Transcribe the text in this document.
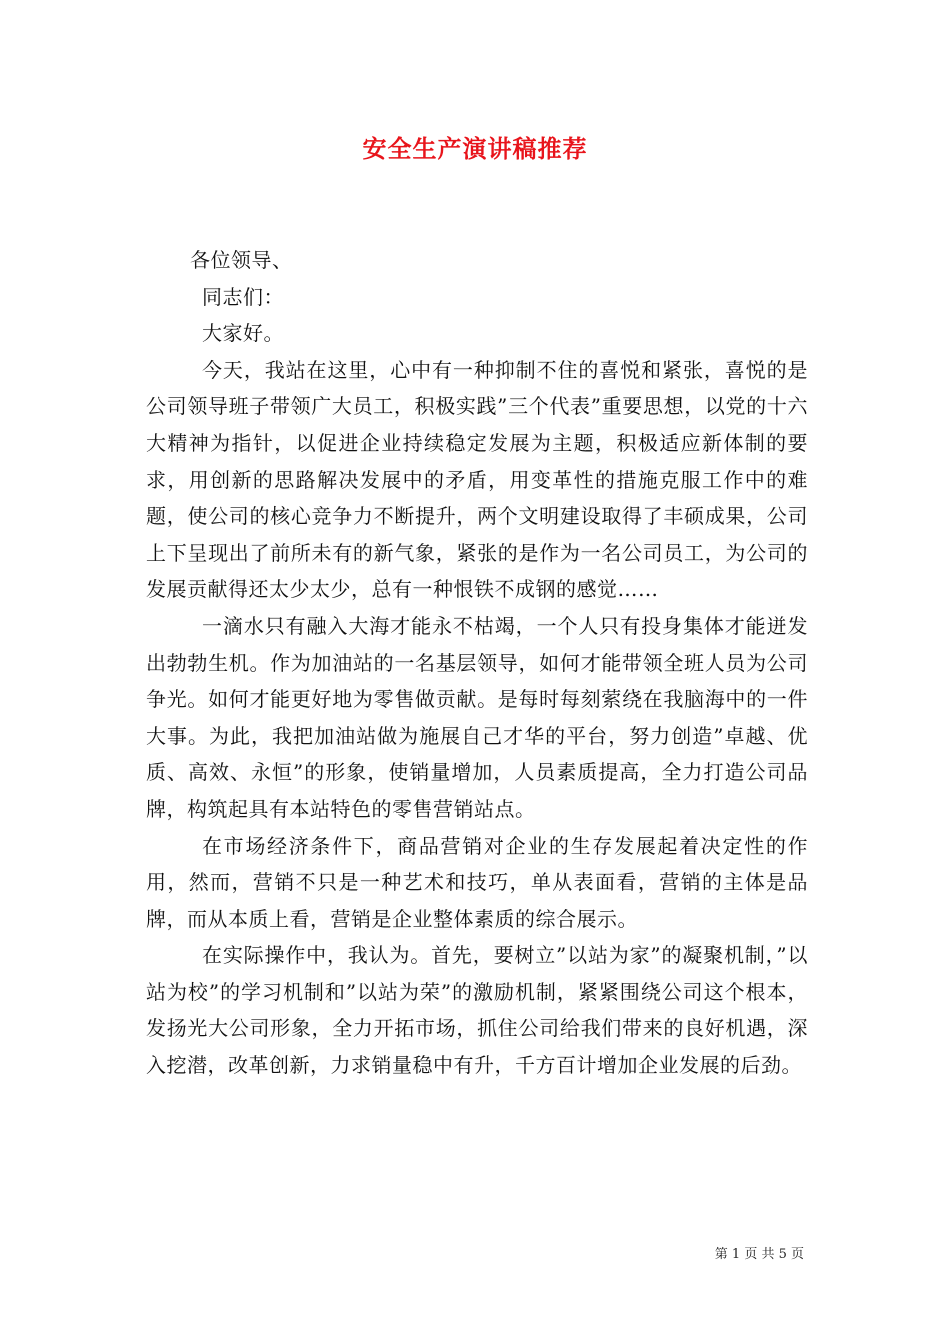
安全生产演讲稿推荐

各位领导、

同志们：

大家好。

今天，我站在这里，心中有一种抑制不住的喜悦和紧张，喜悦的是公司领导班子带领广大员工，积极实践”三个代表”重要思想，以党的十六大精神为指针，以促进企业持续稳定发展为主题，积极适应新体制的要求，用创新的思路解决发展中的矛盾，用变革性的措施克服工作中的难题，使公司的核心竞争力不断提升，两个文明建设取得了丰硕成果，公司上下呈现出了前所未有的新气象，紧张的是作为一名公司员工，为公司的发展贡献得还太少太少，总有一种恨铁不成钢的感觉……

一滴水只有融入大海才能永不枯竭，一个人只有投身集体才能迸发出勃勃生机。作为加油站的一名基层领导，如何才能带领全班人员为公司争光。如何才能更好地为零售做贡献。是每时每刻萦绕在我脑海中的一件大事。为此，我把加油站做为施展自己才华的平台，努力创造”卓越、优质、高效、永恒”的形象，使销量增加，人员素质提高，全力打造公司品牌，构筑起具有本站特色的零售营销站点。

在市场经济条件下，商品营销对企业的生存发展起着决定性的作用，然而，营销不只是一种艺术和技巧，单从表面看，营销的主体是品牌，而从本质上看，营销是企业整体素质的综合展示。

在实际操作中，我认为。首先，要树立”以站为家”的凝聚机制，”以站为校”的学习机制和”以站为荣”的激励机制，紧紧围绕公司这个根本，发扬光大公司形象，全力开拓市场，抓住公司给我们带来的良好机遇，深入挖潜，改革创新，力求销量稳中有升，千方百计增加企业发展的后劲。

第 1 页 共 5 页
